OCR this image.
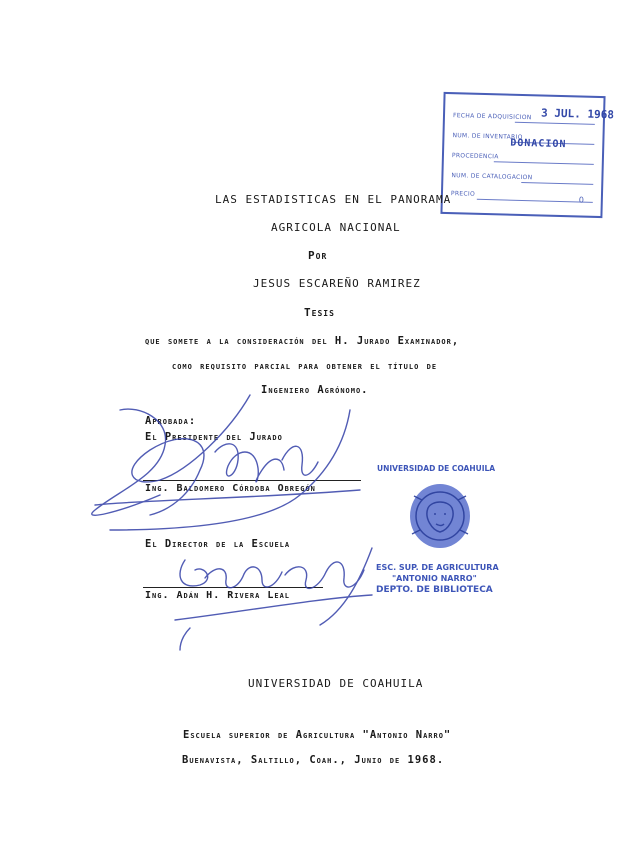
FECHA DE ADQUISICION 3 JUL. 1968
NUM. DE INVENTARIO
DONACION
PROCEDENCIA
NUM. DE CATALOGACION
PRECIO
0
LAS ESTADISTICAS EN EL PANORAMA
AGRICOLA NACIONAL
Por
JESUS ESCAREÑO RAMIREZ
Tesis
que somete a la consideración del H. Jurado Examinador,
como requisito parcial para obtener el título de
Ingeniero Agrónomo.
Aprobada:
El Presidente del Jurado
Ing. Baldomero Córdoba Obregón
El Director de la Escuela
Ing. Adán H. Rivera Leal
UNIVERSIDAD DE COAHUILA
ESC. SUP. DE AGRICULTURA
"ANTONIO NARRO"
DEPTO. DE BIBLIOTECA
UNIVERSIDAD DE COAHUILA
Escuela superior de Agricultura "Antonio Narro"
Buenavista, Saltillo, Coah., Junio de 1968.
